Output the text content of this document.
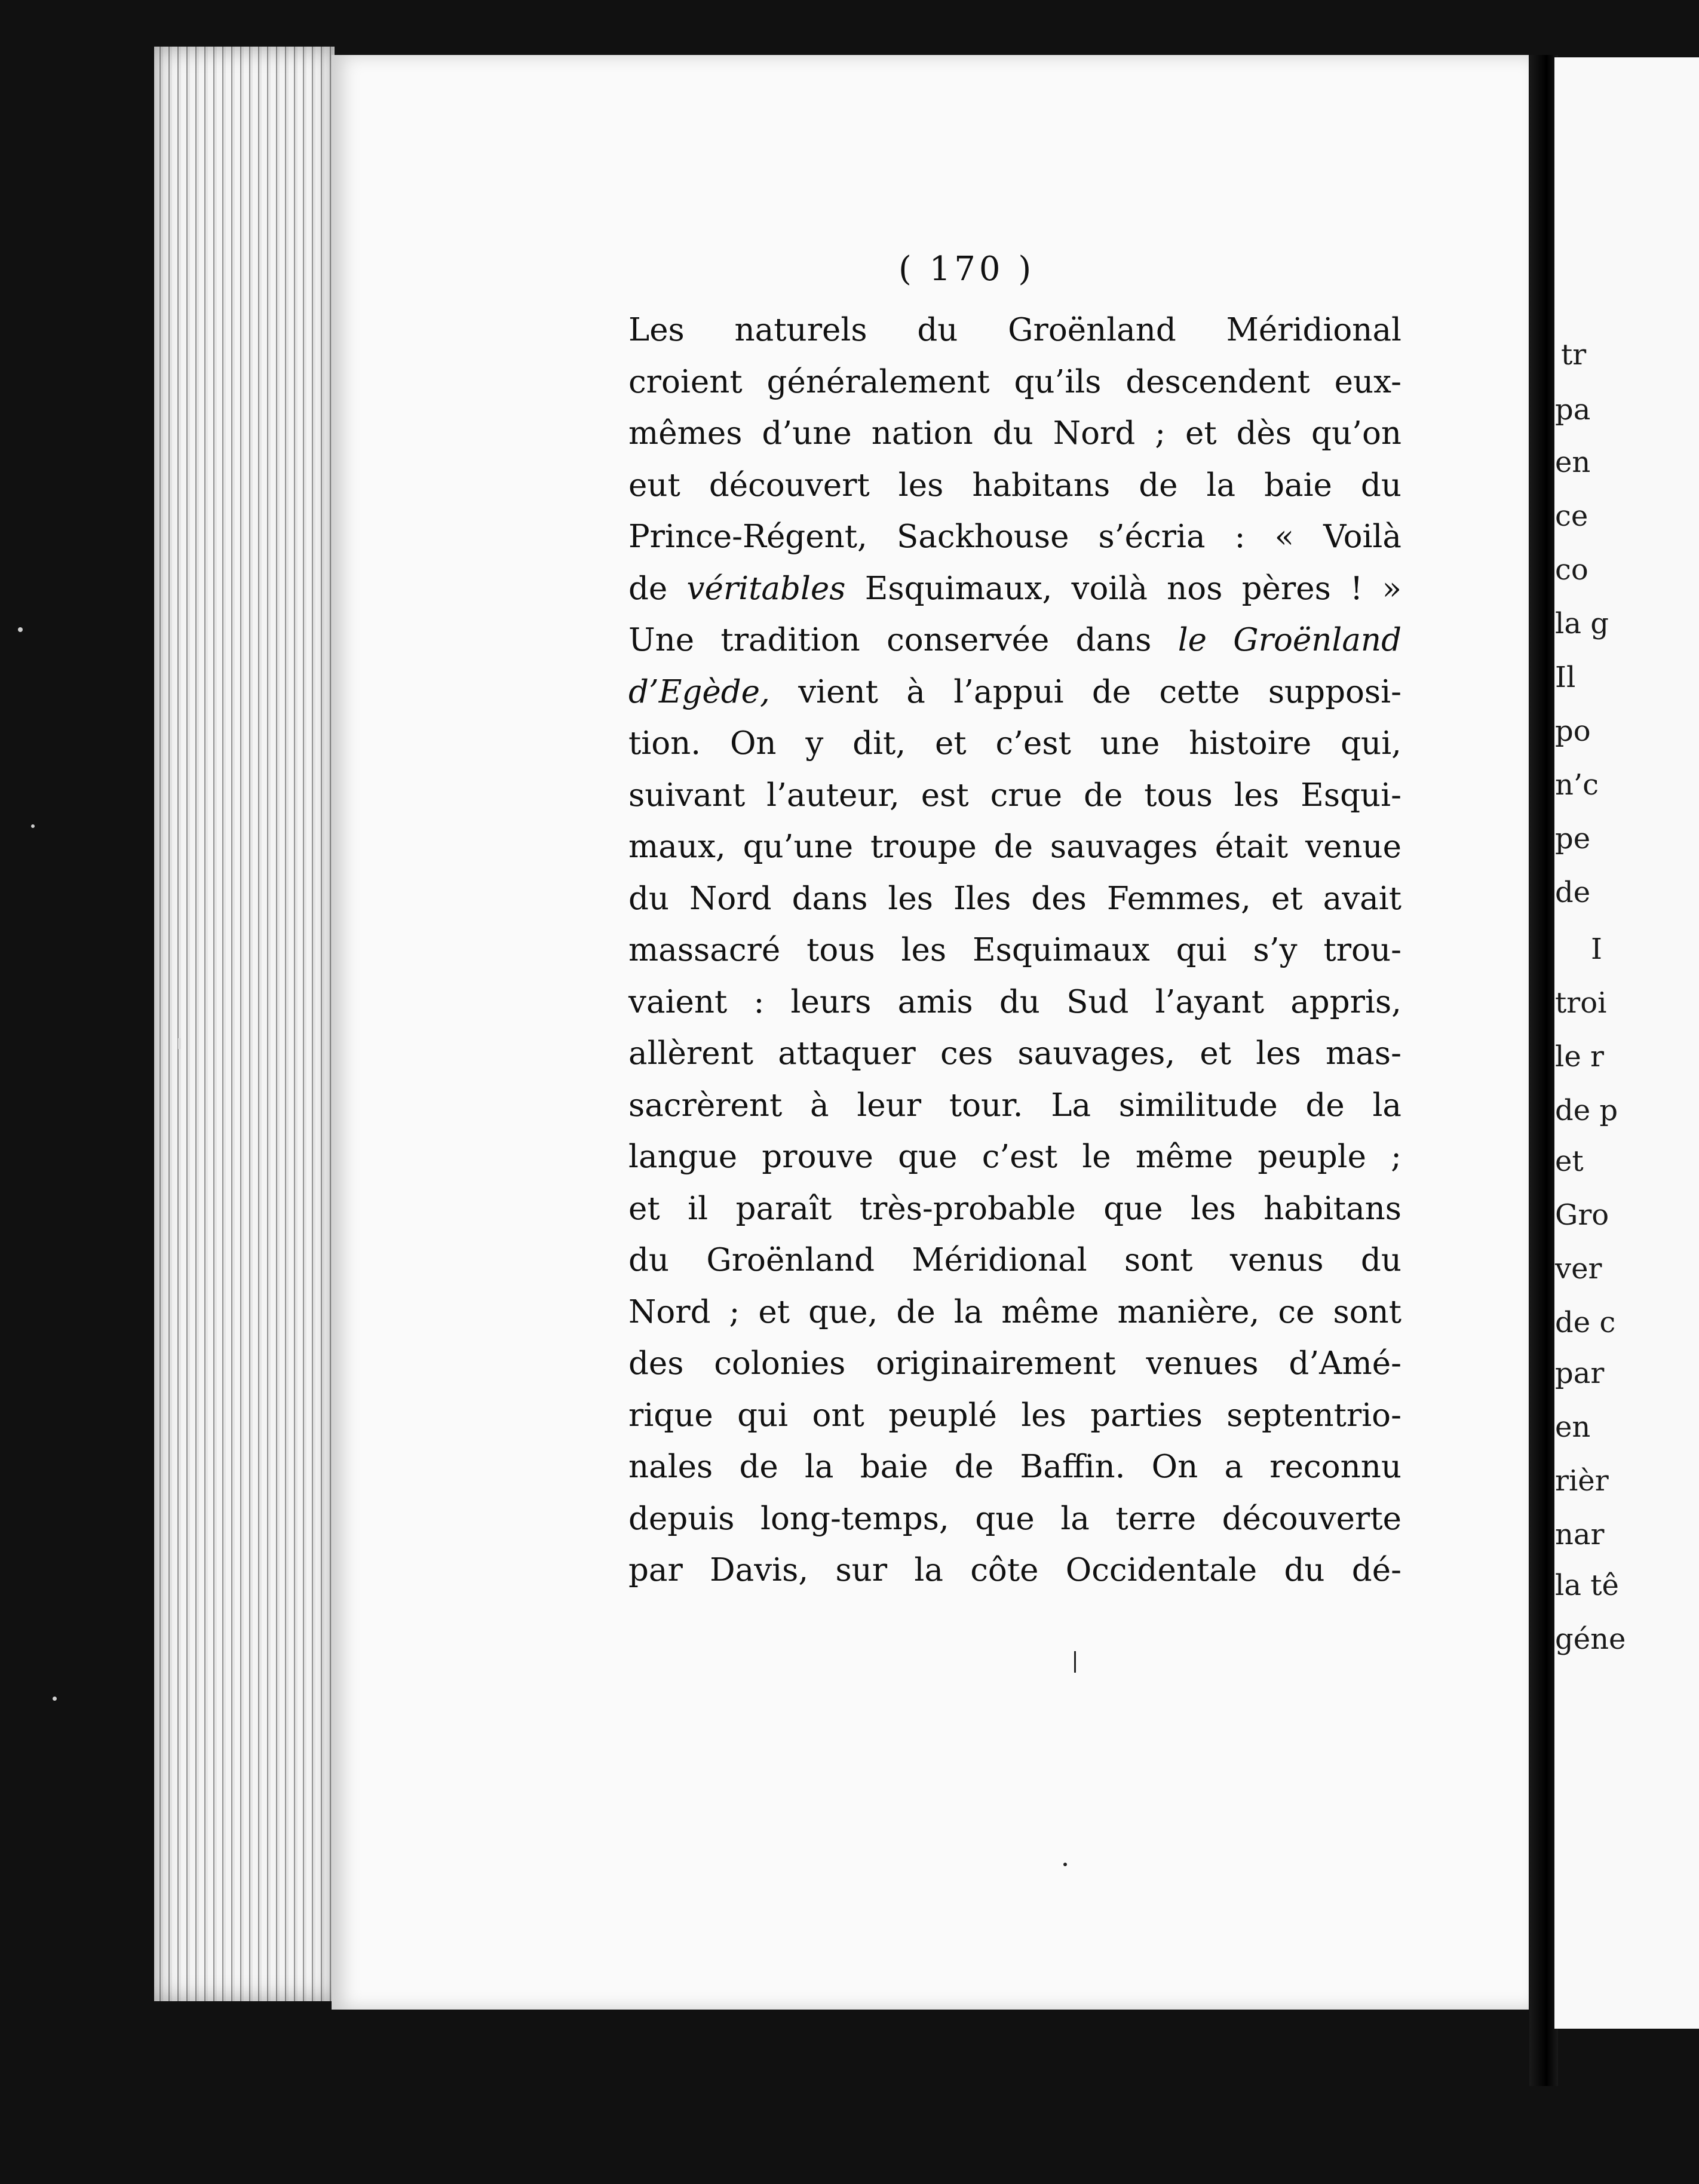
( 170 )
Les naturels du Groënland Méridional
croient généralement qu’ils descendent eux-
mêmes d’une nation du Nord ; et dès qu’on
eut découvert les habitans de la baie du
Prince-Régent, Sackhouse s’écria : « Voilà
de véritables Esquimaux, voilà nos pères ! »
Une tradition conservée dans le Groënland
d’Egède, vient à l’appui de cette supposi-
tion. On y dit, et c’est une histoire qui,
suivant l’auteur, est crue de tous les Esqui-
maux, qu’une troupe de sauvages était venue
du Nord dans les Iles des Femmes, et avait
massacré tous les Esquimaux qui s’y trou-
vaient : leurs amis du Sud l’ayant appris,
allèrent attaquer ces sauvages, et les mas-
sacrèrent à leur tour. La similitude de la
langue prouve que c’est le même peuple ;
et il paraît très-probable que les habitans
du Groënland Méridional sont venus du
Nord ; et que, de la même manière, ce sont
des colonies originairement venues d’Amé-
rique qui ont peuplé les parties septentrio-
nales de la baie de Baffin. On a reconnu
depuis long-temps, que la terre découverte
par Davis, sur la côte Occidentale du dé-
tr
pa
en
ce
co
la g
Il
po
n’c
pe
de
I
troi
le r
de p
et
Gro
ver
de c
par
en
rièr
nar
la tê
géne
